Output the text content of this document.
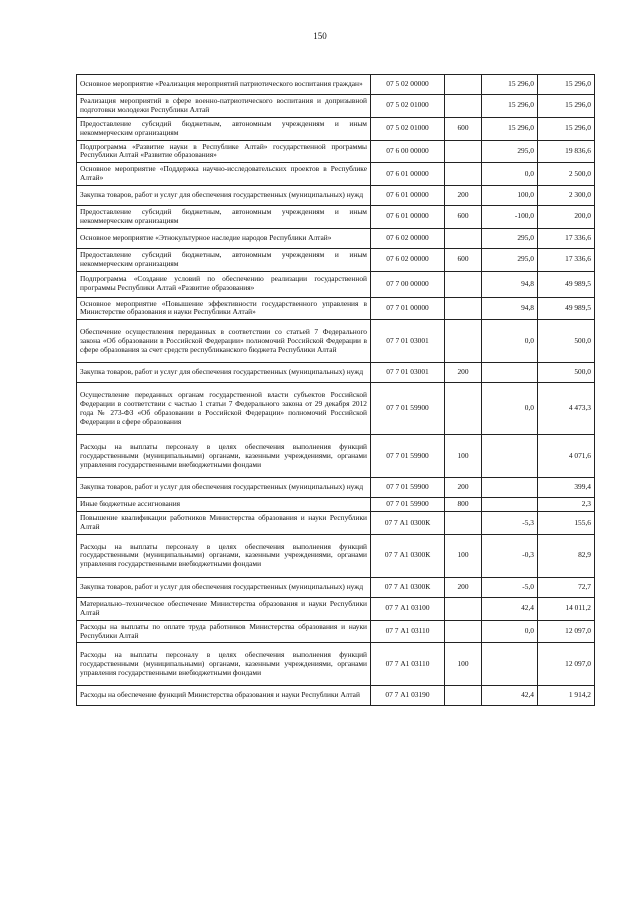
150
Основное мероприятие «Реализация мероприятий патриотического воспитания граждан»	07 5 02 00000		15 296,0	15 296,0
Реализация мероприятий в сфере военно-патриотического воспитания и допризывной подготовки молодежи Республики Алтай	07 5 02 01000		15 296,0	15 296,0
Предоставление субсидий бюджетным, автономным учреждениям и иным некоммерческим организациям	07 5 02 01000	600	15 296,0	15 296,0
Подпрограмма «Развитие науки в Республике Алтай» государственной программы Республики Алтай «Развитие образования»	07 6 00 00000		295,0	19 836,6
Основное мероприятие «Поддержка научно-исследовательских проектов в Республике Алтай»	07 6 01 00000		0,0	2 500,0
Закупка товаров, работ и услуг для обеспечения государственных (муниципальных) нужд	07 6 01 00000	200	100,0	2 300,0
Предоставление субсидий бюджетным, автономным учреждениям и иным некоммерческим организациям	07 6 01 00000	600	-100,0	200,0
Основное мероприятие «Этнокультурное наследие народов Республики Алтай»	07 6 02 00000		295,0	17 336,6
Предоставление субсидий бюджетным, автономным учреждениям и иным некоммерческим организациям	07 6 02 00000	600	295,0	17 336,6
Подпрограмма «Создание условий по обеспечению реализации государственной программы Республики Алтай «Развитие образования»	07 7 00 00000		94,8	49 989,5
Основное мероприятие «Повышение эффективности государственного управления в Министерстве образования и науки Республики Алтай»	07 7 01 00000		94,8	49 989,5
Обеспечение осуществления переданных в соответствии со статьей 7 Федерального закона «Об образовании в Российской Федерации» полномочий Российской Федерации в сфере образования за счет средств республиканского бюджета Республики Алтай	07 7 01 03001		0,0	500,0
Закупка товаров, работ и услуг для обеспечения государственных (муниципальных) нужд	07 7 01 03001	200		500,0
Осуществление переданных органам государственной власти субъектов Российской Федерации в соответствии с частью 1 статьи 7 Федерального закона от 29 декабря 2012 года № 273-ФЗ «Об образовании в Российской Федерации» полномочий Российской Федерации в сфере образования	07 7 01 59900		0,0	4 473,3
Расходы на выплаты персоналу в целях обеспечения выполнения функций государственными (муниципальными) органами, казенными учреждениями, органами управления государственными внебюджетными фондами	07 7 01 59900	100		4 071,6
Закупка товаров, работ и услуг для обеспечения государственных (муниципальных) нужд	07 7 01 59900	200		399,4
Иные бюджетные ассигнования	07 7 01 59900	800		2,3
Повышение квалификации работников Министерства образования и науки Республики Алтай	07 7 А1 0300К		-5,3	155,6
Расходы на выплаты персоналу в целях обеспечения выполнения функций государственными (муниципальными) органами, казенными учреждениями, органами управления государственными внебюджетными фондами	07 7 А1 0300К	100	-0,3	82,9
Закупка товаров, работ и услуг для обеспечения государственных (муниципальных) нужд	07 7 А1 0300К	200	-5,0	72,7
Материально–техническое обеспечение Министерства образования и науки Республики Алтай	07 7 А1 03100		42,4	14 011,2
Расходы на выплаты по оплате труда работников Министерства образования и науки Республики Алтай	07 7 А1 03110		0,0	12 097,0
Расходы на выплаты персоналу в целях обеспечения выполнения функций государственными (муниципальными) органами, казенными учреждениями, органами управления государственными внебюджетными фондами	07 7 А1 03110	100		12 097,0
Расходы на обеспечение функций Министерства образования и науки Республики Алтай	07 7 А1 03190		42,4	1 914,2
